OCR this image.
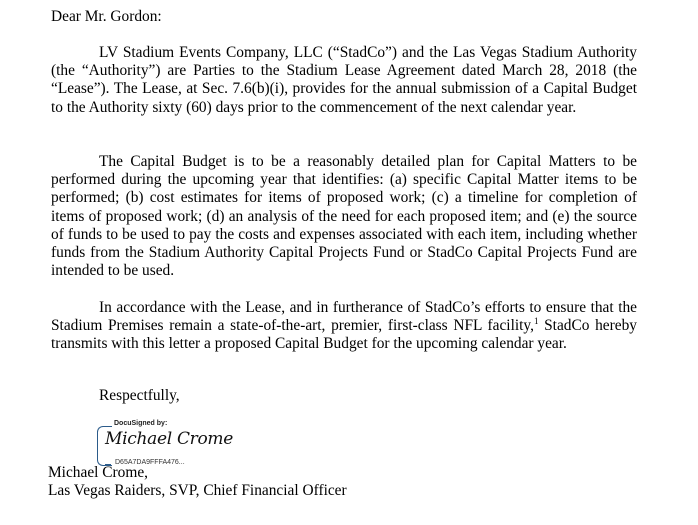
Dear Mr. Gordon:

LV Stadium Events Company, LLC (“StadCo”) and the Las Vegas Stadium Authority (the “Authority”) are Parties to the Stadium Lease Agreement dated March 28, 2018 (the “Lease”). The Lease, at Sec. 7.6(b)(i), provides for the annual submission of a Capital Budget to the Authority sixty (60) days prior to the commencement of the next calendar year.

The Capital Budget is to be a reasonably detailed plan for Capital Matters to be performed during the upcoming year that identifies: (a) specific Capital Matter items to be performed; (b) cost estimates for items of proposed work; (c) a timeline for completion of items of proposed work; (d) an analysis of the need for each proposed item; and (e) the source of funds to be used to pay the costs and expenses associated with each item, including whether funds from the Stadium Authority Capital Projects Fund or StadCo Capital Projects Fund are intended to be used.

In accordance with the Lease, and in furtherance of StadCo’s efforts to ensure that the Stadium Premises remain a state-of-the-art, premier, first-class NFL facility,$^1$ StadCo hereby transmits with this letter a proposed Capital Budget for the upcoming calendar year.

Respectfully,
DocuSigned by:
Michael Crome
D65A7DA9FFFA476...
Michael Crome,
Las Vegas Raiders, SVP, Chief Financial Officer
